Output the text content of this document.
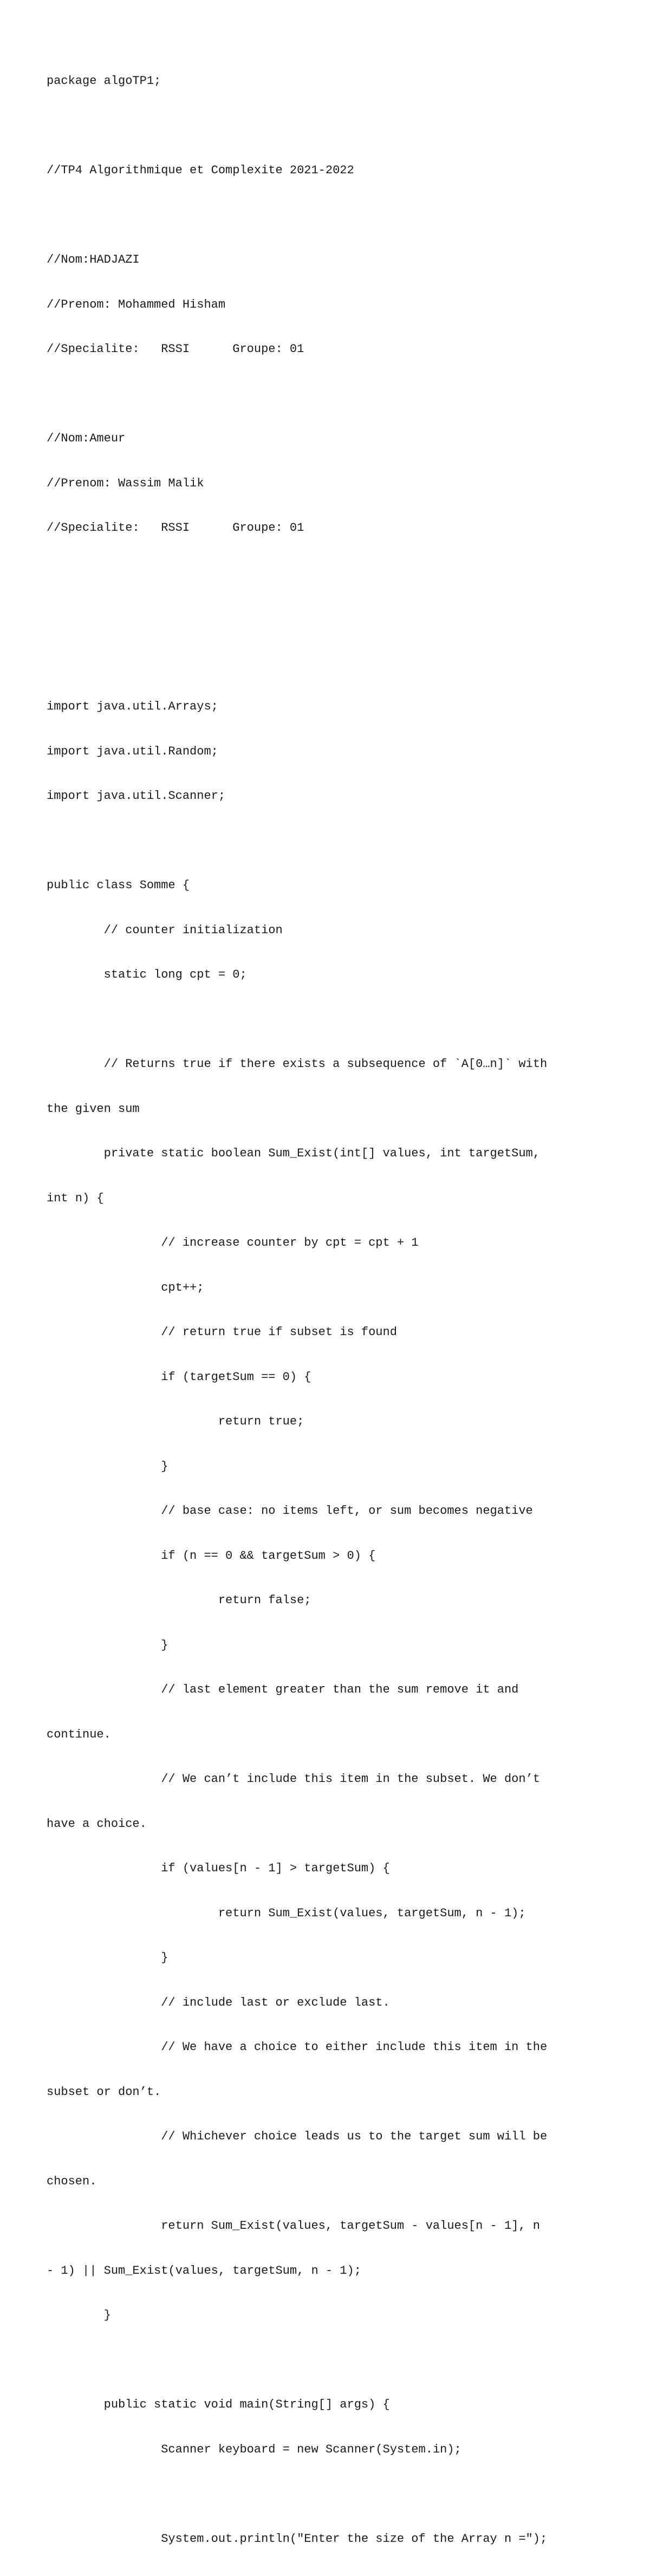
package algoTP1;

//TP4 Algorithmique et Complexite 2021-2022

//Nom:HADJAZI

//Prenom: Mohammed Hisham

//Specialite:   RSSI      Groupe: 01

//Nom:Ameur

//Prenom: Wassim Malik

//Specialite:   RSSI      Groupe: 01

import java.util.Arrays;

import java.util.Random;

import java.util.Scanner;

public class Somme {

// counter initialization

static long cpt = 0;

// Returns true if there exists a subsequence of `A[0…n]` with

the given sum

private static boolean Sum_Exist(int[] values, int targetSum,

int n) {

// increase counter by cpt = cpt + 1

cpt++;

// return true if subset is found

if (targetSum == 0) {

return true;

}

// base case: no items left, or sum becomes negative

if (n == 0 && targetSum > 0) {

return false;

}

// last element greater than the sum remove it and

continue.

// We can’t include this item in the subset. We don’t

have a choice.

if (values[n - 1] > targetSum) {

return Sum_Exist(values, targetSum, n - 1);

}

// include last or exclude last.

// We have a choice to either include this item in the

subset or don’t.

// Whichever choice leads us to the target sum will be

chosen.

return Sum_Exist(values, targetSum - values[n - 1], n

- 1) || Sum_Exist(values, targetSum, n - 1);

}

public static void main(String[] args) {

Scanner keyboard = new Scanner(System.in);

System.out.println("Enter the size of the Array n =");
